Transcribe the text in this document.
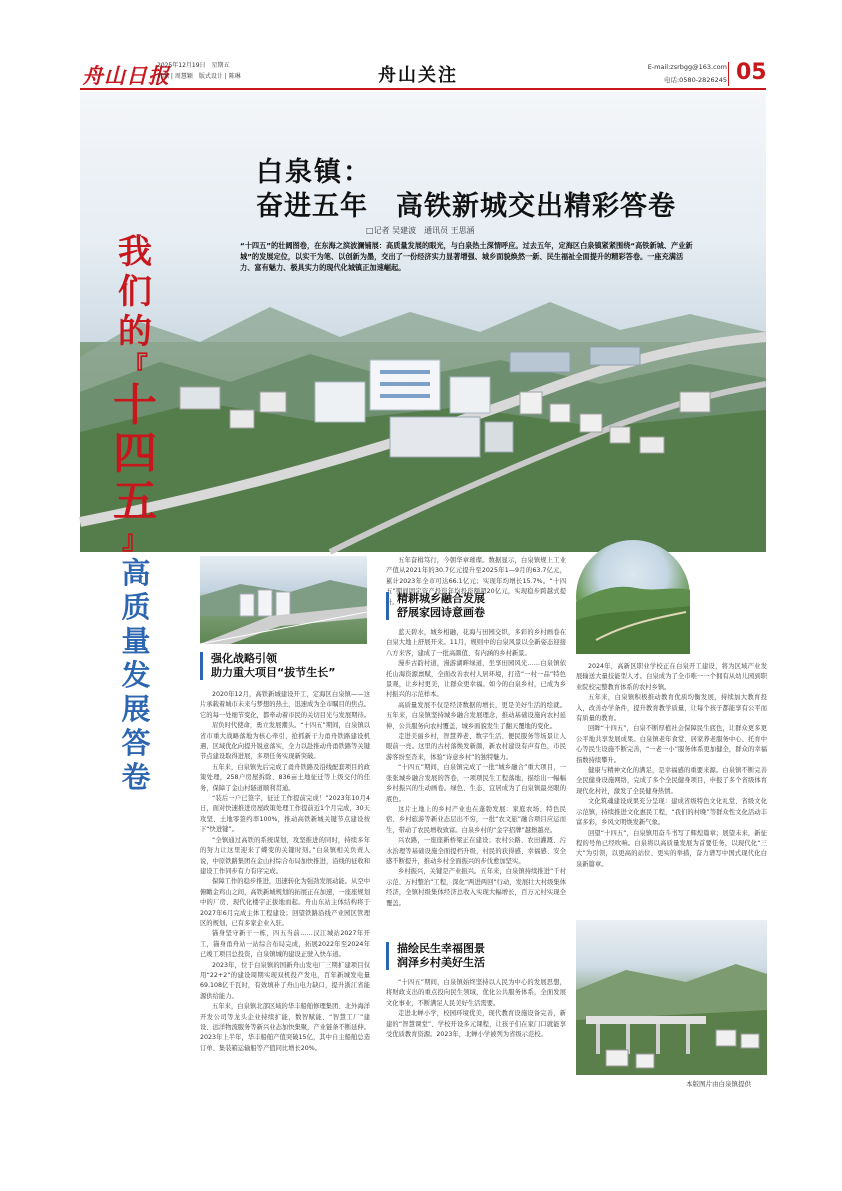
舟山日报
2025年12月19日　星期五
责编 | 周慧颖　版式设计 | 陈琳	舟山关注	E-mail:zsrbgg@163.com
电话:0580-2826245 05
白泉镇：
奋进五年　高铁新城交出精彩答卷
□记者 吴建波　通讯员 王思涵
“十四五”的壮阔图卷，在东海之滨波澜铺展：高质量发展的眼光，与白泉热土深情呼应。过去五年，定海区白泉镇紧紧围绕“高铁新城、产业新城”的发展定位，以实干为笔、以创新为墨，交出了一份经济实力显著增强、城乡面貌焕然一新、民生福祉全面提升的精彩答卷。一座充满活力、富有魅力、极具实力的现代化城镇正加速崛起。
我
们
的
『
十
四
五
』
高
质
量
发
展
答
卷
强化战略引领
助力重大项目“拔节生长”

2020年12月，高铁新城建设开工，定海区白泉镇——这片承载着城市未来与梦想的热土，迅速成为全市瞩目的焦点。它的每一处细节变化，都牵动着市民的关切目光与发展期待。

眉负时代使命，勇立发展潮头。“十四五”期间，白泉镇以省市重大战略落地为核心牵引，抢抓新干力甬舟铁路建设机遇，区域优化向提升锐意落实，全力以赴推动舟甬铁路等关键节点建设取得进展，多项任务实现新突破。

五年来，白泉镇先后完成了甬舟铁路及沿线配套项目的政策处理，258户房屋拆除、836亩土地征迁等上级交付的任务，保障了金山村隧道顺利贯通。

“装后一户已签字，征迁工作提前完成！”2023年10月4日，面对快速推进房屋政策处理工作提前近1个月完成，30天攻坚、土地零签约率100%，推动高铁新城关键节点建设按下“快进键”。

“全镇通过高铁的系统谋划，攻坚推进的同时，持续多年的努力让这里迎来了蝶变的关键时刻。”白泉镇相关负责人说，中原铁路集团在金山村综合布局加快推进，沿线的征收和建设工作同步有力有序完成。

保障工作的稳步推进，迅速转化为强劲发展动能。从空中俯瞰金鸡山之间，高铁新城规划的拓展正在加速，一座座规划中的厂房、现代化楼宇正拔地而起。舟山东站主体结构将于2027年6月完成主体工程建设；回望铁路沿线产业园区管理区的规划，已有多家企业入驻。

锚身坚守新干一栋，四五当前……汉江城站2027年开工，锚身甬舟站一站综合布局完成，拓展2022年至2024年已竣工项目总投资，白泉镇城的建设正驶入快车道。

2023年，位于白泉镇的国新舟山发电厂三期扩建项目仅用“22+2”的建设周期实现双机投产发电，百年新城发电量69.108亿千瓦时，有效填补了舟山电力缺口，提升浙江省能源供给能力。

五年来，白泉镇北部区域的华丰船舶修理集团、北外海洋开发公司等龙头企业持续扩能，数智赋能、“智慧工厂”建设、远洋物流服务等新兴业态加快集聚，产业链条不断延伸。2023年上半年，华丰船舶产值突破15亿，其中自主船舶总造订单、集装箱运输船等产值同比增长20%。

五年奋楫笃行，今朝华章璀璨。数据显示，白泉镇规上工业产值从2021年的30.7亿元提升至2025年1—9月的63.7亿元，累计2023年全市可达66.1亿元；实现年均增长15.7%。“十四五”期间固定资产投资年均投资额超20亿元，实现稳步跨越式提升。

精耕城乡融合发展
舒展家园诗意画卷

蓝天碧水，城乡相融，花海与田园交织，多彩的乡村画卷在白泉大地上舒展开来。11月，规则中的白泉风景以全新姿态迎接八方来客，建成了一批高颜值、有内涵的乡村新景。

漫步古韵村道，漫游湖畔绿道，坐享田园风光……白泉镇依托山海资源禀赋，全面改善农村人居环境，打造“一村一品”特色景观，让乡村更美，让群众更幸福。如今的白泉乡村，已成为乡村振兴的示范样本。

高质量发展不仅是经济数据的增长，更是美好生活的绘就。五年来，白泉镇坚持城乡融合发展理念，推动基础设施向农村延伸、公共服务向农村覆盖，城乡面貌发生了翻天覆地的变化。

走进美丽乡村，智慧养老、数字生活、便民服务等场景让人眼前一亮。这里的古村落焕发新颜，新农村建设有声有色，市民游客纷至沓来，体验“诗意乡村”的独特魅力。

“十四五”期间，白泉镇完成了一批“城乡融合”重大项目，一张张城乡融合发展的答卷，一项项民生工程落地，描绘出一幅幅乡村振兴的生动画卷。绿色、生态、宜居成为了白泉镇最亮眼的底色。

这片土地上的乡村产业也在蓬勃发展：家庭农场、特色民宿、乡村旅游等新业态层出不穷，一批“农文旅”融合项目应运而生，带动了农民增收致富。白泉乡村的“金字招牌”越擦越亮。

兴农路，一座座新桥梁正在建设；农村公路、农田灌溉、污水治理等基础设施全面提档升级，村民的获得感、幸福感、安全感不断提升，推动乡村全面振兴的步伐愈加坚实。

乡村振兴，关键是产业振兴。五年来，白泉镇持续推进“千村示范、万村整治”工程，深化“两进两回”行动，发展壮大村级集体经济，全镇村级集体经济总收入实现大幅增长，百万元村实现全覆盖。

描绘民生幸福图景
润泽乡村美好生活

“十四五”期间，白泉镇始终坚持以人民为中心的发展思想，将财政支出的重点投向民生领域，优化公共服务体系，全面发展文化事业，不断满足人民美好生活需要。

走进北蝉小学，校园环境优美，现代教育设施设备完善，新建的“智慧课堂”、学校开设多元课程，让孩子们在家门口就能享受优质教育资源。2023年，北蝉小学被列为省级示范校。

2024年，高新区职业学校正在白泉开工建设，将为区域产业发展输送大量技能型人才。白泉成为了全市唯一一个拥有从幼儿园到职业院校完整教育体系的农村乡镇。

五年来，白泉镇积极推动教育优质均衡发展，持续加大教育投入，改善办学条件，提升教育教学质量，让每个孩子都能享有公平而有质量的教育。

回眸“十四五”，白泉不断厚植社会保障民生底色，让群众更多更公平地共享发展成果。白泉镇老年食堂、居家养老服务中心、托育中心等民生设施不断完善，“一老一小”服务体系更加健全，群众的幸福指数持续攀升。

健康与精神文化的满足，是幸福感的重要来源。白泉镇不断完善全民健身设施网络，完成了多个全民健身项目，申报了多个省级体育现代化村社，激发了全民健身热情。

文化筑魂建设成果充分呈现：建成省级特色文化礼堂、省级文化示范镇，持续推进文化惠民工程，“我们的村晚”等群众性文化活动丰富多彩，乡风文明焕发新气象。

回望“十四五”，白泉镇用奋斗书写了辉煌篇章；展望未来，新征程的号角已经吹响。白泉将以高质量发展为首要任务，以现代化“三大”为引领，以更高的站位、更实的举措，奋力谱写中国式现代化白泉新篇章。

本版图片由白泉镇提供
